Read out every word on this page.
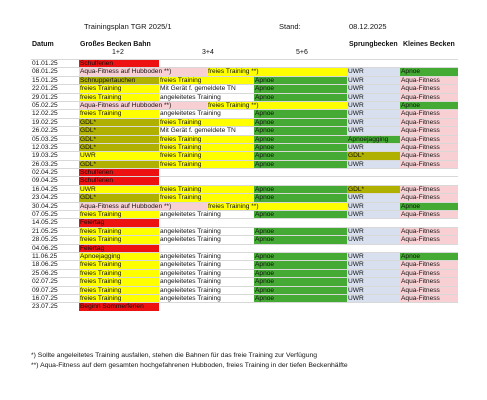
Trainingsplan TGR 2025/1	Stand:	08.12.2025
Datum	Großes Becken Bahn	Sprungbecken Kleines Becken
1+2	3+4	5+6
01.01.25	Schulferien
08.01.25	Aqua-Fitness auf Hubboden **)	freies Training **)	UWR	Apnoe
15.01.25	Schnuppertauchen	freies Training	Apnoe	UWR	Aqua-Fitness
22.01.25	freies Training	Mit Gerät f. gemeldete TN	Apnoe	UWR	Aqua-Fitness
29.01.25	freies Training	angeleitetes Training	Apnoe	UWR	Aqua-Fitness
05.02.25	Aqua-Fitness auf Hubboden **)	freies Training **)	UWR	Apnoe
12.02.25	freies Training	angeleitetes Training	Apnoe	UWR	Aqua-Fitness
19.02.25	GDL*	freies Training	Apnoe	UWR	Aqua-Fitness
26.02.25	GDL*	Mit Gerät f. gemeldete TN	Apnoe	UWR	Aqua-Fitness
05.03.25	GDL*	freies Training	Apnoe	Apnoejagging	Aqua-Fitness
12.03.25	GDL*	freies Training	Apnoe	UWR	Aqua-Fitness
19.03.25	UWR	freies Training	Apnoe	GDL*	Aqua-Fitness
26.03.25	GDL*	freies Training	Apnoe	UWR	Aqua-Fitness
02.04.25	Schulferien
09.04.25	Schulferien
16.04.25	UWR	freies Training	Apnoe	GDL*	Aqua-Fitness
23.04.25	GDL*	freies Training	Apnoe	UWR	Aqua-Fitness
30.04.25	Aqua-Fitness auf Hubboden **)	freies Training **)	UWR	Apnoe
07.05.25	freies Training	angeleitetes Training	Apnoe	UWR	Aqua-Fitness
14.05.25	Feiertag
21.05.25	freies Training	angeleitetes Training	Apnoe	UWR	Aqua-Fitness
28.05.25	freies Training	angeleitetes Training	Apnoe	UWR	Aqua-Fitness
04.06.25	Feiertag
11.06.25	Apnoejagging	angeleitetes Training	Apnoe	UWR	Apnoe
18.06.25	freies Training	angeleitetes Training	Apnoe	UWR	Aqua-Fitness
25.06.25	freies Training	angeleitetes Training	Apnoe	UWR	Aqua-Fitness
02.07.25	freies Training	angeleitetes Training	Apnoe	UWR	Aqua-Fitness
09.07.25	freies Training	angeleitetes Training	Apnoe	UWR	Aqua-Fitness
16.07.25	freies Training	angeleitetes Training	Apnoe	UWR	Aqua-Fitness
23.07.25	Beginn Sommerferien
*) Sollte angeleitetes Training ausfallen, stehen die Bahnen für das freie Training zur Verfügung
**) Aqua-Fitness auf dem gesamten hochgefahrenen Hubboden, freies Training in der tiefen Beckenhälfte
